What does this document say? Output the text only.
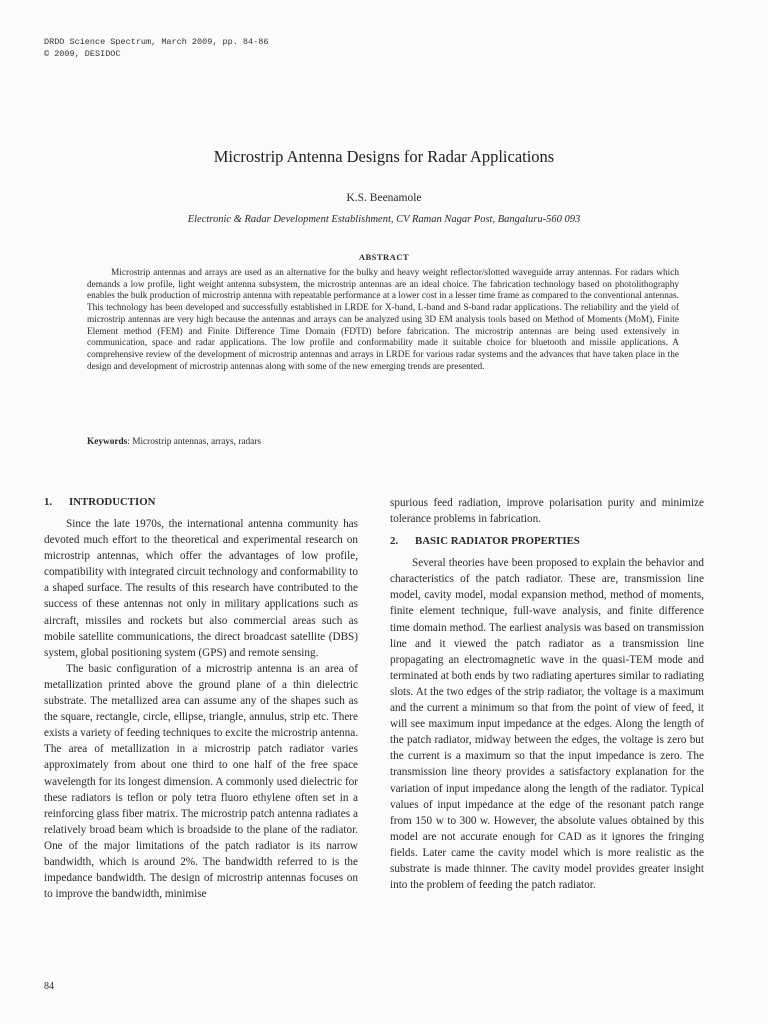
DRDO Science Spectrum, March 2009, pp. 84-86
© 2009, DESIDOC
Microstrip Antenna Designs for Radar Applications
K.S. Beenamole
Electronic & Radar Development Establishment, CV Raman Nagar Post, Bangaluru-560 093
ABSTRACT

Microstrip antennas and arrays are used as an alternative for the bulky and heavy weight reflector/slotted waveguide array antennas. For radars which demands a low profile, light weight antenna subsystem, the microstrip antennas are an ideal choice. The fabrication technology based on photolithography enables the bulk production of microstrip antenna with repeatable performance at a lower cost in a lesser time frame as compared to the conventional antennas. This technology has been developed and successfully established in LRDE for X-band, L-band and S-band radar applications. The reliability and the yield of microstrip antennas are very high because the antennas and arrays can be analyzed using 3D EM analysis tools based on Method of Moments (MoM), Finite Element method (FEM) and Finite Difference Time Domain (FDTD) before fabrication. The microstrip antennas are being used extensively in communication, space and radar applications. The low profile and conformability made it suitable choice for bluetooth and missile applications. A comprehensive review of the development of microstrip antennas and arrays in LRDE for various radar systems and the advances that have taken place in the design and development of microstrip antennas along with some of the new emerging trends are presented.

Keywords: Microstrip antennas, arrays, radars
1. INTRODUCTION

Since the late 1970s, the international antenna community has devoted much effort to the theoretical and experimental research on microstrip antennas, which offer the advantages of low profile, compatibility with integrated circuit technology and conformability to a shaped surface. The results of this research have contributed to the success of these antennas not only in military applications such as aircraft, missiles and rockets but also commercial areas such as mobile satellite communications, the direct broadcast satellite (DBS) system, global positioning system (GPS) and remote sensing.

The basic configuration of a microstrip antenna is an area of metallization printed above the ground plane of a thin dielectric substrate. The metallized area can assume any of the shapes such as the square, rectangle, circle, ellipse, triangle, annulus, strip etc. There exists a variety of feeding techniques to excite the microstrip antenna. The area of metallization in a microstrip patch radiator varies approximately from about one third to one half of the free space wavelength for its longest dimension. A commonly used dielectric for these radiators is teflon or poly tetra fluoro ethylene often set in a reinforcing glass fiber matrix. The microstrip patch antenna radiates a relatively broad beam which is broadside to the plane of the radiator. One of the major limitations of the patch radiator is its narrow bandwidth, which is around 2%. The bandwidth referred to is the impedance bandwidth. The design of microstrip antennas focuses on to improve the bandwidth, minimise

spurious feed radiation, improve polarisation purity and minimize tolerance problems in fabrication.

2. BASIC RADIATOR PROPERTIES

Several theories have been proposed to explain the behavior and characteristics of the patch radiator. These are, transmission line model, cavity model, modal expansion method, method of moments, finite element technique, full-wave analysis, and finite difference time domain method. The earliest analysis was based on transmission line and it viewed the patch radiator as a transmission line propagating an electromagnetic wave in the quasi-TEM mode and terminated at both ends by two radiating apertures similar to radiating slots. At the two edges of the strip radiator, the voltage is a maximum and the current a minimum so that from the point of view of feed, it will see maximum input impedance at the edges. Along the length of the patch radiator, midway between the edges, the voltage is zero but the current is a maximum so that the input impedance is zero. The transmission line theory provides a satisfactory explanation for the variation of input impedance along the length of the radiator. Typical values of input impedance at the edge of the resonant patch range from 150 w to 300 w. However, the absolute values obtained by this model are not accurate enough for CAD as it ignores the fringing fields. Later came the cavity model which is more realistic as the substrate is made thinner. The cavity model provides greater insight into the problem of feeding the patch radiator.

84
